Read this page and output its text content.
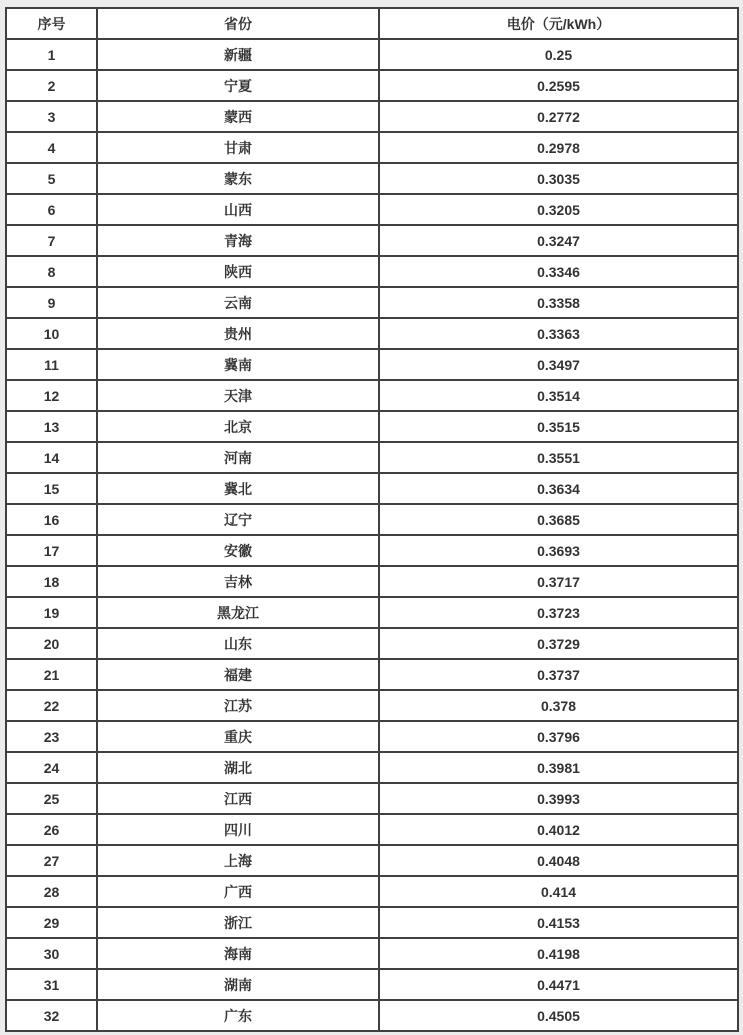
序号	省份	电价（元/kWh）
1	新疆	0.25
2	宁夏	0.2595
3	蒙西	0.2772
4	甘肃	0.2978
5	蒙东	0.3035
6	山西	0.3205
7	青海	0.3247
8	陕西	0.3346
9	云南	0.3358
10	贵州	0.3363
11	冀南	0.3497
12	天津	0.3514
13	北京	0.3515
14	河南	0.3551
15	冀北	0.3634
16	辽宁	0.3685
17	安徽	0.3693
18	吉林	0.3717
19	黑龙江	0.3723
20	山东	0.3729
21	福建	0.3737
22	江苏	0.378
23	重庆	0.3796
24	湖北	0.3981
25	江西	0.3993
26	四川	0.4012
27	上海	0.4048
28	广西	0.414
29	浙江	0.4153
30	海南	0.4198
31	湖南	0.4471
32	广东	0.4505
